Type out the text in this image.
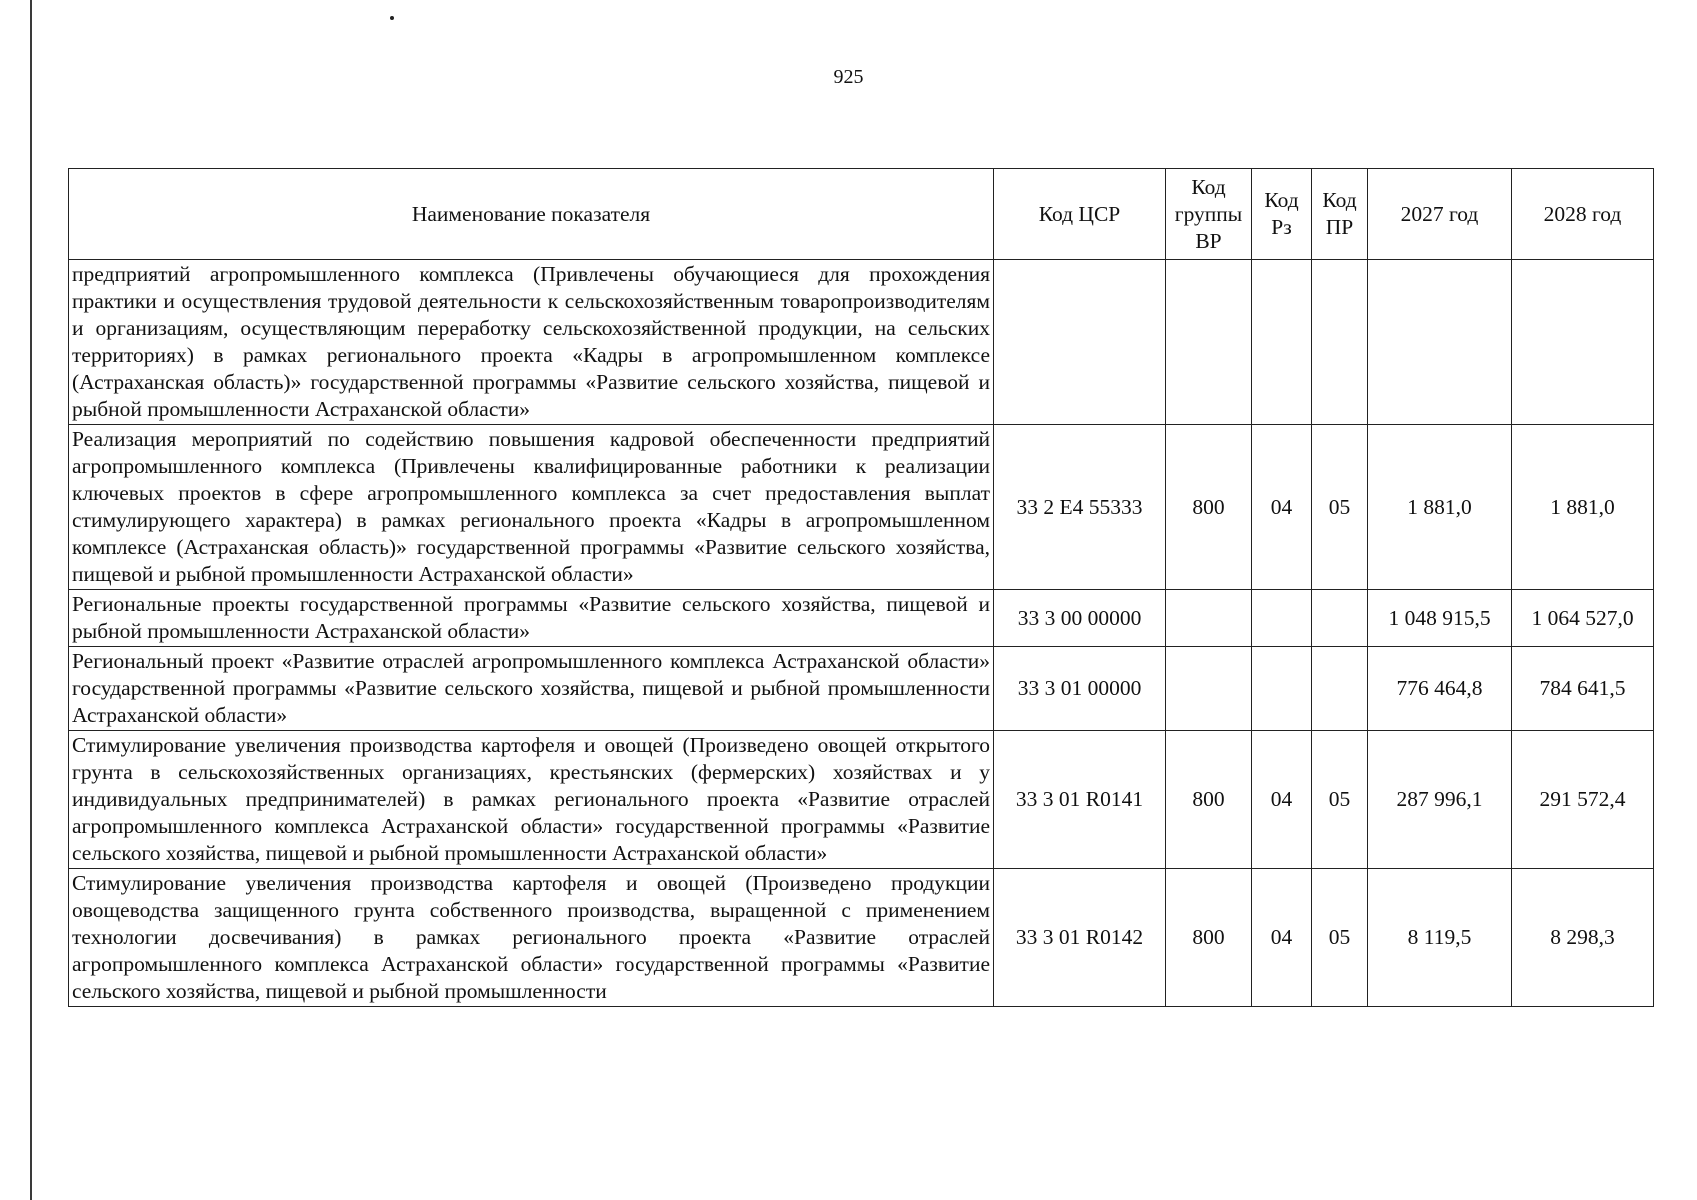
925
Наименование показателя	Код ЦСР	Код группы ВР	Код Рз	Код ПР	2027 год	2028 год
предприятий агропромышленного комплекса (Привлечены обучающиеся для прохождения практики и осуществления трудовой деятельности к сельскохозяйственным товаропроизводителям и организациям, осуществляющим переработку сельскохозяйственной продукции, на сельских территориях) в рамках регионального проекта «Кадры в агропромышленном комплексе (Астраханская область)» государственной программы «Развитие сельского хозяйства, пищевой и рыбной промышленности Астраханской области»						
Реализация мероприятий по содействию повышения кадровой обеспеченности предприятий агропромышленного комплекса (Привлечены квалифицированные работники к реализации ключевых проектов в сфере агропромышленного комплекса за счет предоставления выплат стимулирующего характера) в рамках регионального проекта «Кадры в агропромышленном комплексе (Астраханская область)» государственной программы «Развитие сельского хозяйства, пищевой и рыбной промышленности Астраханской области»	33 2 Е4 55333	800	04	05	1 881,0	1 881,0
Региональные проекты государственной программы «Развитие сельского хозяйства, пищевой и рыбной промышленности Астраханской области»	33 3 00 00000				1 048 915,5	1 064 527,0
Региональный проект «Развитие отраслей агропромышленного комплекса Астраханской области» государственной программы «Развитие сельского хозяйства, пищевой и рыбной промышленности Астраханской области»	33 3 01 00000				776 464,8	784 641,5
Стимулирование увеличения производства картофеля и овощей (Произведено овощей открытого грунта в сельскохозяйственных организациях, крестьянских (фермерских) хозяйствах и у индивидуальных предпринимателей) в рамках регионального проекта «Развитие отраслей агропромышленного комплекса Астраханской области» государственной программы «Развитие сельского хозяйства, пищевой и рыбной промышленности Астраханской области»	33 3 01 R0141	800	04	05	287 996,1	291 572,4
Стимулирование увеличения производства картофеля и овощей (Произведено продукции овощеводства защищенного грунта собственного производства, выращенной с применением технологии досвечивания) в рамках регионального проекта «Развитие отраслей агропромышленного комплекса Астраханской области» государственной программы «Развитие сельского хозяйства, пищевой и рыбной промышленности	33 3 01 R0142	800	04	05	8 119,5	8 298,3
